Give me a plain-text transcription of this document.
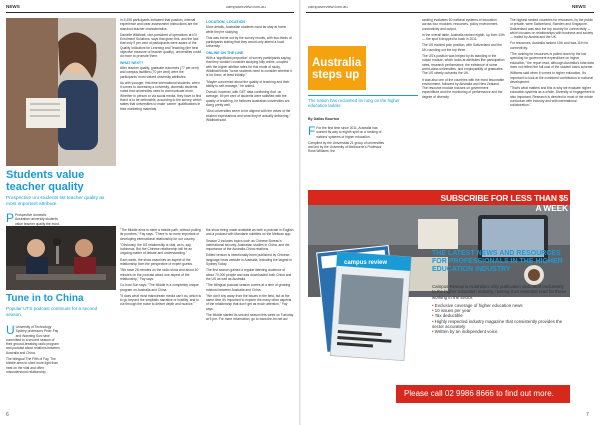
NEWS	campusreview.com.au
Students value teacher quality
Prospective uni students list teacher quality as most important attribute.
P Prospective domestic Australian university students value teacher quality the most.

In 5,495 participants indicated that position, internal experience and clear assessment instructions are the standout teacher characteristics.

Danielle Wildblatt, vice-president of operations at IGI Enrolment Solutions, says that given this, and the fact that only 9 per cent of participants were aware of the Quality Indicators for Learning and Teaching (the best objective measure of teacher quality), universities could do more to promote them.

WHAT NEXT?

After teacher quality, graduate outcomes (77 per cent) and campus facilities (70 per cent) were the participants' most valued university attributes.

As with younger, first-time international students, when it comes to accessing a university, domestic students noted that universities need to communicate more. Whether in person or via social media, they have to find that it is to be defensible, according to the survey, which states that universities to make 'career' qualifications in their marketing materials.

LOCATION, LOCATION

More details, Australian students most far stay at home while they're studying.

This was borne out by the survey results, with two-thirds of participants stating that they would only attend a local university.

ONLINE ON THE LINE

With a 'significant proportion' of survey participants saying that they wouldn't consider studying fully online, coupled with the higher attrition rates for this mode of study, Wildblatt thinks "some students need to consider whether it is for them, at least initially."

"Maybe concerned about the quality of teaching and their ability to self-manage," he added.

Overall, however, with GET data confirming that, on average, 69 per cent of students were satisfied with the quality of teaching, he believes Australian universities are doing pretty well.

"Also universities seem to be aligned with the views of the student expectations and what they're actually delivering," Wildblatt said.

Tune in to China
Popular UTS podcast continues for a second season.
U University of Technology Sydney professors Peter Fay and Wanning Sun have committed to a second season of their ground-breaking radio program and podcast about relations between Australia and China.

The bilingual The Fifth of Fay, The Middle aims to shed more light than heat on the vital and often misunderstood relationship.

"The Middle aims to steer a middle path, without pulling its punches," Fay says. "There is no more important or developing international relationship for our country.

"Obviously, the US relationship is vital, as is, say, Indonesia. But the Chinese relationship will be an ongoing matter of debate and understanding."

Each week, the show examines an aspect of the relationship from the perspective of expert guests.

"We have 26 minutes on the radio show and about 40 minutes on the podcast about one aspect of the relationship," Fay says.

Co-host Sun says: "The Middle is a completely unique program on Australia and China.

"It does what most mainstream media can't do, which is to go beyond the simplistic narrative of hostility, and to cut through the noise to deliver depth and nuance."

the show being made available as both a podcast in English and a podcast with Mandarin subtitles on the Meituan app.

Season 2 includes topics such as Chinese Bureau's international security, Australian studies in China, and the importance of the Australia-China relations.

Edited version is intentionally been published by Chinese-language news website in Australia, including the largest in Sydney Today.

The first season gained a regular listening audience of about 70,000 people and was downloaded both China and the US as well as Australia.

"The bilingual podcast season comes at a time of growing mistrust between Australia and China.

"We don't shy away from the issues in the field, but at the same time it's important to explore the many other aspects of the relationship that don't get as much attention," Fay says.

The Middle started its second season this week on Tuesday at 5 pm. For more information, go to www.the-tm.net.au/

6
campusreview.com.au	NEWS
F For the first time since 2011, Australia has worked its way to eighth spot on a ranking of nations' systems of higher education.

Compiled by the Universitas 21 group of universities and led by the University of Melbourne's Professor Ross Williams, the

ranking evaluates 50 national systems of education across four modules: resources, policy environment, connectivity and output.

In the overall table, Australia ranked eighth, up from 10th — the spot it dropped to back in 2011.

The US tracked pole position, with Switzerland and the UK rounding out the top three.

The US's position was helped by its standing in the output module, which looks at attributes like participation rates, research performance, the existence of some world-class universities, and employability of graduates. The US clearly outranks the UK.

It was also one of the countries with the most favourable environment, followed by Australia and New Zealand. The resource module focuses on government expenditure and the monitoring of performance and the degree of diversity.

The highest ranked countries for resources, by the public or private, were Switzerland, Sweden and Singapore. Switzerland was also the top country for connectivity — which focuses on relationships with business and society — trailed by Austria and the UK.

For resources, Australia ranked 12th and was 11th for connectivity.

"The ranking for resources is pulled down by the low spending for government expenditure on higher education," the report read, although Australia's total data does not reflect the full cost of the student loans scheme.

Williams said when it comes to higher education, it's important to look at the combined contribution to national development.

"That's what matters and this is why we evaluate higher education systems as a whole. Diversity of engagement is also important. Research is directed to most of the whole curriculum with industry and with international collaboration."

Australia
steps up
The nation has reclaimed its rung on the higher education ladder.
By Dallas Bourton
SUBSCRIBE FOR LESS THAN $5 A WEEK
campus review
THE LATEST NEWS AND RESOURCES FOR PROFESSIONALS IN THE HIGHER EDUCATION INDUSTRY
Campus Review is Australia's only publication dedicated exclusively to the higher education industry, making it an essential read for those working in the sector.
• Exclusive coverage of higher education news
• 10 issues per year
• Tax deductible
• Highly respected industry magazine that consistently provides the sector accurately
• Written by an independent voice.
Please call 02 9986 8666 to find out more.
7
